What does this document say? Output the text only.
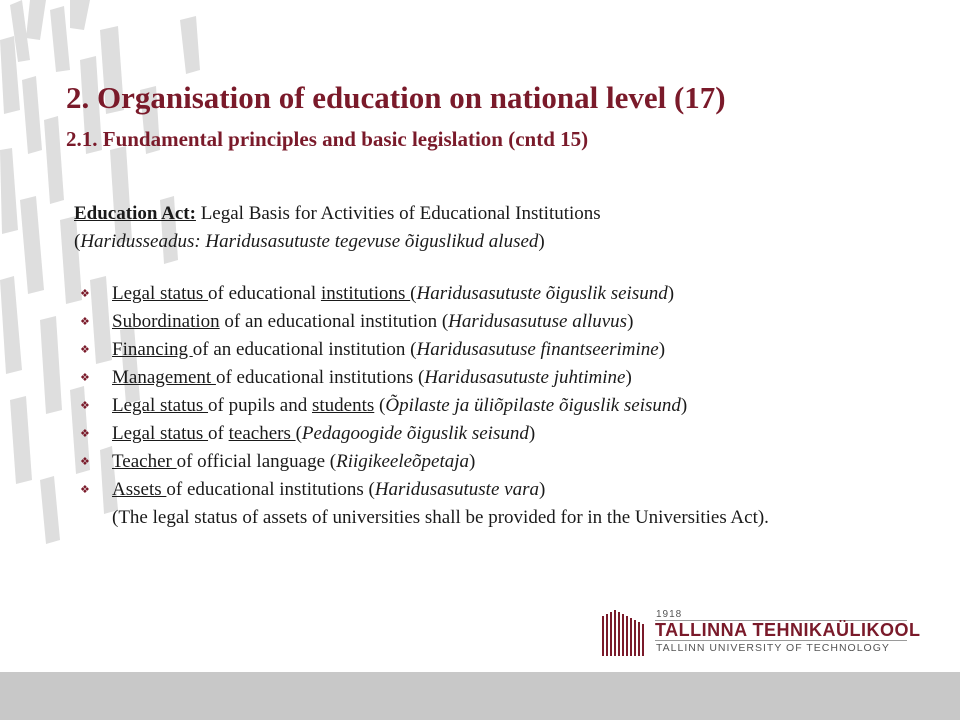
2. Organisation of education on national level (17)
2.1. Fundamental principles and basic legislation (cntd 15)

Education Act: Legal Basis for Activities of Educational Institutions
(Haridusseadus: Haridusasutuste tegevuse õiguslikud alused)

❖ Legal status of educational institutions (Haridusasutuste õiguslik seisund)
❖ Subordination of an educational institution (Haridusasutuse alluvus)
❖ Financing of an educational institution (Haridusasutuse finantseerimine)
❖ Management of educational institutions (Haridusasutuste juhtimine)
❖ Legal status of pupils and students (Õpilaste ja üliõpilaste õiguslik seisund)
❖ Legal status of teachers (Pedagoogide õiguslik seisund)
❖ Teacher of official language (Riigikeeleõpetaja)
❖ Assets of educational institutions (Haridusasutuste vara)
(The legal status of assets of universities shall be provided for in the Universities Act).
1918
TALLINNA TEHNIKAÜLIKOOL
TALLINN UNIVERSITY OF TECHNOLOGY
